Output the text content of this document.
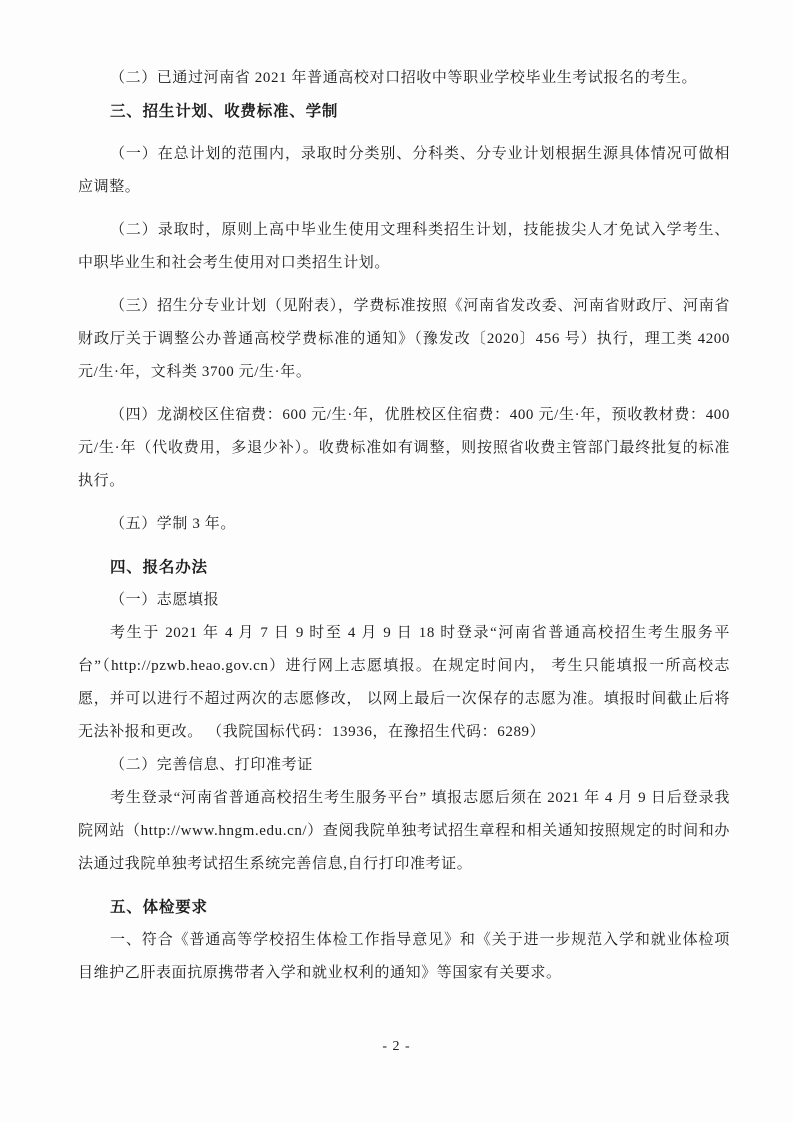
（二）已通过河南省 2021 年普通高校对口招收中等职业学校毕业生考试报名的考生。

三、招生计划、收费标准、学制

（一）在总计划的范围内，录取时分类别、分科类、分专业计划根据生源具体情况可做相应调整。

（二）录取时，原则上高中毕业生使用文理科类招生计划，技能拔尖人才免试入学考生、中职毕业生和社会考生使用对口类招生计划。

（三）招生分专业计划（见附表），学费标准按照《河南省发改委、河南省财政厅、河南省财政厅关于调整公办普通高校学费标准的通知》（豫发改〔2020〕456 号）执行，理工类 4200 元/生·年，文科类 3700 元/生·年。

（四）龙湖校区住宿费：600 元/生·年，优胜校区住宿费：400 元/生·年，预收教材费：400 元/生·年（代收费用，多退少补）。收费标准如有调整，则按照省收费主管部门最终批复的标准执行。

（五）学制 3 年。

四、报名办法

（一）志愿填报

考生于 2021 年 4 月 7 日 9 时至 4 月 9 日 18 时登录“河南省普通高校招生考生服务平台”（http://pzwb.heao.gov.cn）进行网上志愿填报。在规定时间内， 考生只能填报一所高校志愿，并可以进行不超过两次的志愿修改， 以网上最后一次保存的志愿为准。填报时间截止后将无法补报和更改。 （我院国标代码：13936，在豫招生代码：6289）

（二）完善信息、打印准考证

考生登录“河南省普通高校招生考生服务平台” 填报志愿后须在 2021 年 4 月 9 日后登录我院网站（http://www.hngm.edu.cn/）查阅我院单独考试招生章程和相关通知按照规定的时间和办法通过我院单独考试招生系统完善信息,自行打印准考证。

五、体检要求

一、符合《普通高等学校招生体检工作指导意见》和《关于进一步规范入学和就业体检项目维护乙肝表面抗原携带者入学和就业权利的通知》等国家有关要求。

- 2 -
